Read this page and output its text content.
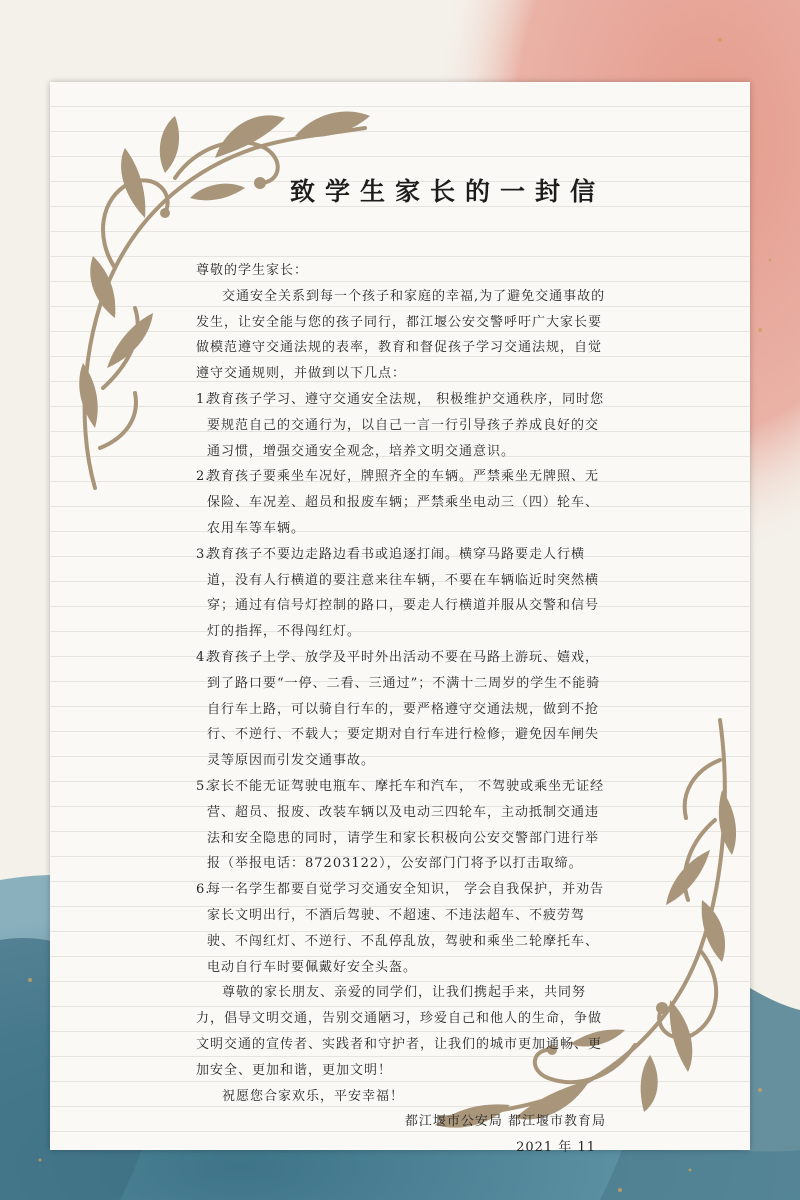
致学生家长的一封信
尊敬的学生家长：
交通安全关系到每一个孩子和家庭的幸福,为了避免交通事故的发生，让安全能与您的孩子同行，都江堰公安交警呼吁广大家长要做模范遵守交通法规的表率，教育和督促孩子学习交通法规，自觉遵守交通规则，并做到以下几点：
1.
教育孩子学习、遵守交通安全法规， 积极维护交通秩序，同时您要规范自己的交通行为，以自己一言一行引导孩子养成良好的交通习惯，增强交通安全观念，培养文明交通意识。
2.
教育孩子要乘坐车况好，牌照齐全的车辆。严禁乘坐无牌照、无保险、车况差、超员和报废车辆；严禁乘坐电动三（四）轮车、农用车等车辆。
3.
教育孩子不要边走路边看书或追逐打闹。横穿马路要走人行横道，没有人行横道的要注意来往车辆，不要在车辆临近时突然横穿；通过有信号灯控制的路口，要走人行横道并服从交警和信号灯的指挥，不得闯红灯。
4.
教育孩子上学、放学及平时外出活动不要在马路上游玩、嬉戏，到了路口要“一停、二看、三通过”；不满十二周岁的学生不能骑自行车上路，可以骑自行车的，要严格遵守交通法规，做到不抢行、不逆行、不载人；要定期对自行车进行检修，避免因车闸失灵等原因而引发交通事故。
5.
家长不能无证驾驶电瓶车、摩托车和汽车， 不驾驶或乘坐无证经营、超员、报废、改装车辆以及电动三四轮车，主动抵制交通违法和安全隐患的同时，请学生和家长积极向公安交警部门进行举报（举报电话：87203122），公安部门门将予以打击取缔。
6.
每一名学生都要自觉学习交通安全知识， 学会自我保护，并劝告家长文明出行，不酒后驾驶、不超速、不违法超车、不疲劳驾驶、不闯红灯、不逆行、不乱停乱放，驾驶和乘坐二轮摩托车、电动自行车时要佩戴好安全头盔。
尊敬的家长朋友、亲爱的同学们，让我们携起手来，共同努力，倡导文明交通，告别交通陋习，珍爱自己和他人的生命，争做文明交通的宣传者、实践者和守护者，让我们的城市更加通畅、更加安全、更加和谐，更加文明！
祝愿您合家欢乐，平安幸福！
都江堰市公安局 都江堰市教育局
2021 年 11
